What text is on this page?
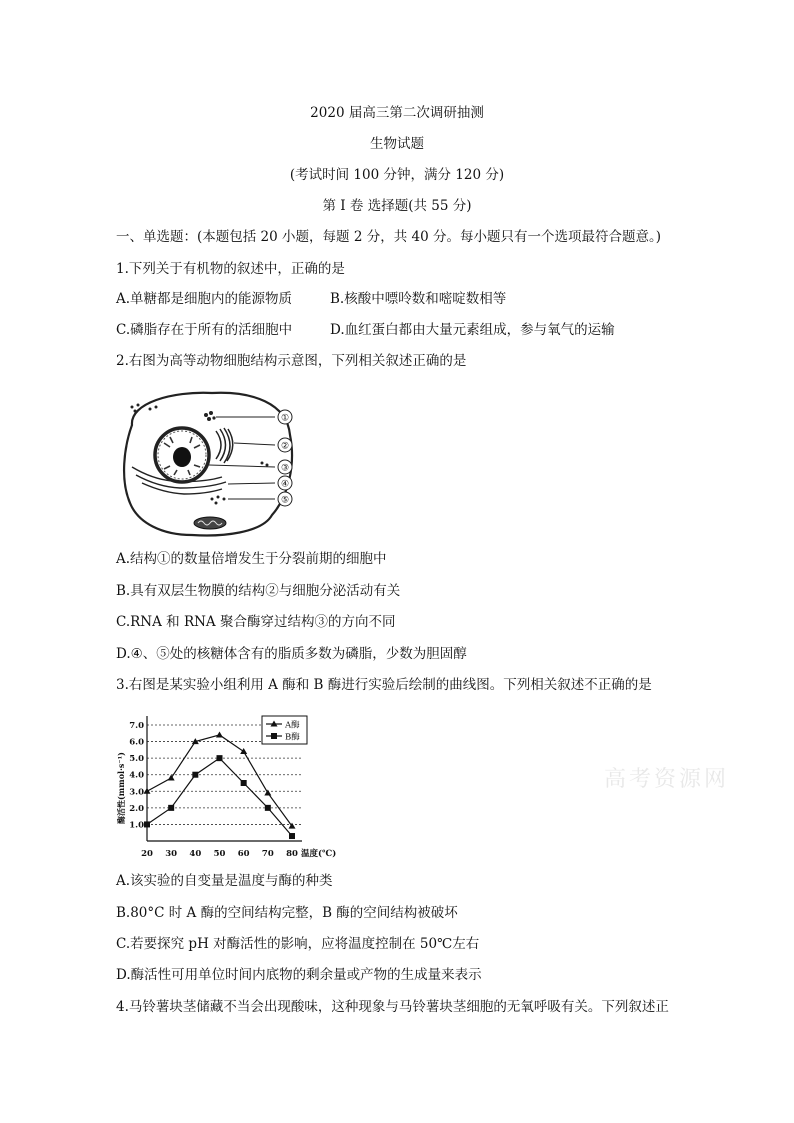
2020 届高三第二次调研抽测
生物试题
(考试时间 100 分钟，满分 120 分)
第 I 卷 选择题(共 55 分)
一、单选题：(本题包括 20 小题，每题 2 分，共 40 分。每小题只有一个选项最符合题意。)
1.下列关于有机物的叙述中，正确的是
A.单糖都是细胞内的能源物质	B.核酸中嘌呤数和嘧啶数相等
C.磷脂存在于所有的活细胞中	D.血红蛋白都由大量元素组成，参与氧气的运输
2.右图为高等动物细胞结构示意图，下列相关叙述正确的是
①
②
③
④
⑤
A.结构①的数量倍增发生于分裂前期的细胞中
B.具有双层生物膜的结构②与细胞分泌活动有关
C.RNA 和 RNA 聚合酶穿过结构③的方向不同
D.④、⑤处的核糖体含有的脂质多数为磷脂，少数为胆固醇
3.右图是某实验小组利用 A 酶和 B 酶进行实验后绘制的曲线图。下列相关叙述不正确的是
1.0
2.0
3.0
4.0
5.0
6.0
7.0
20 30 40 50 60 70 80
酶活性(mmol·s⁻¹)
温度(℃)
A酶
B酶
A.该实验的自变量是温度与酶的种类
B.80°C 时 A 酶的空间结构完整，B 酶的空间结构被破坏
C.若要探究 pH 对酶活性的影响，应将温度控制在 50℃左右
D.酶活性可用单位时间内底物的剩余量或产物的生成量来表示
4.马铃薯块茎储藏不当会出现酸味，这种现象与马铃薯块茎细胞的无氧呼吸有关。下列叙述正
高考资源网
